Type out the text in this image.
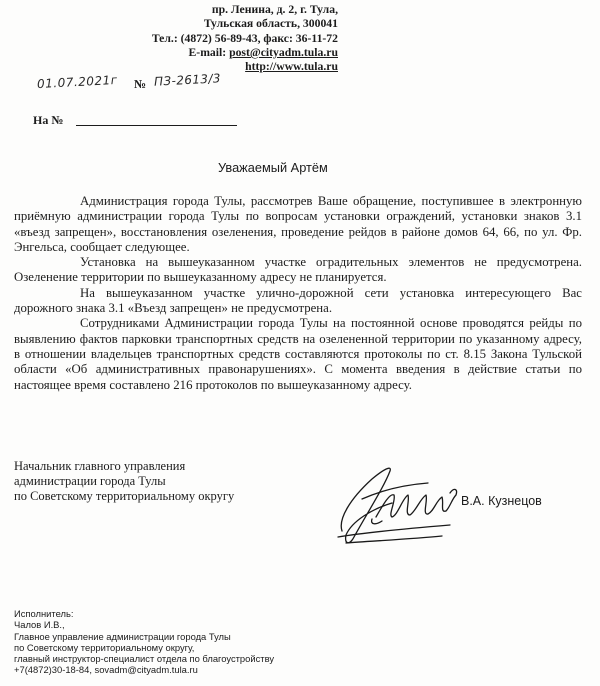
пр. Ленина, д. 2, г. Тула,
Тульская область, 300041
Тел.: (4872) 56-89-43, факс: 36-11-72
E-mail: post@cityadm.tula.ru
http://www.tula.ru
01.07.2021г № ПЗ-2613/3
На №
Уважаемый Артём

Администрация города Тулы, рассмотрев Ваше обращение, поступившее в электронную приёмную администрации города Тулы по вопросам установки ограждений, установки знаков 3.1 «въезд запрещен», восстановления озеленения, проведение рейдов в районе домов 64, 66, по ул. Фр. Энгельса, сообщает следующее.

Установка на вышеуказанном участке оградительных элементов не предусмотрена. Озеленение территории по вышеуказанному адресу не планируется.

На вышеуказанном участке улично-дорожной сети установка интересующего Вас дорожного знака 3.1 «Въезд запрещен» не предусмотрена.

Сотрудниками Администрации города Тулы на постоянной основе проводятся рейды по выявлению фактов парковки транспортных средств на озелененной территории по указанному адресу, в отношении владельцев транспортных средств составляются протоколы по ст. 8.15 Закона Тульской области «Об административных правонарушениях». С момента введения в действие статьи по настоящее время составлено 216 протоколов по вышеуказанному адресу.

Начальник главного управления
администрации города Тулы
по Советскому территориальному округу	В.А. Кузнецов
Исполнитель:
Чалов И.В.,
Главное управление администрации города Тулы
по Советскому территориальному округу,
главный инструктор-специалист отдела по благоустройству
+7(4872)30-18-84, sovadm@cityadm.tula.ru
